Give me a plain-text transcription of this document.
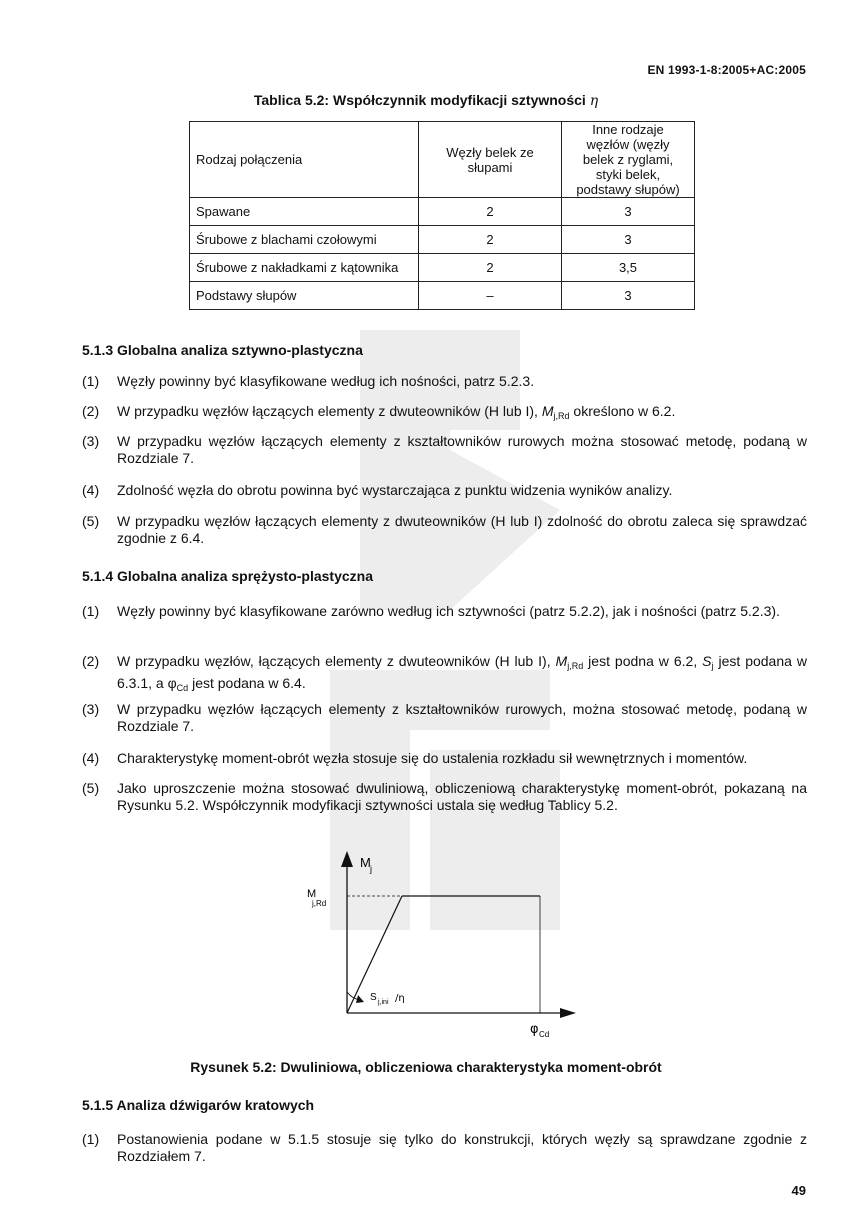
EN 1993-1-8:2005+AC:2005
Tablica 5.2: Współczynnik modyfikacji sztywności η
Rodzaj połączenia	Węzły belek ze słupami	Inne rodzaje węzłów (węzły belek z ryglami, styki belek, podstawy słupów)
Spawane	2	3
Śrubowe z blachami czołowymi	2	3
Śrubowe z nakładkami z kątownika	2	3,5
Podstawy słupów	–	3
5.1.3 Globalna analiza sztywno-plastyczna
(1) Węzły powinny być klasyfikowane według ich nośności, patrz 5.2.3.
(2) W przypadku węzłów łączących elementy z dwuteowników (H lub I), $M_{j,Rd}$ określono w 6.2.
(3) W przypadku węzłów łączących elementy z kształtowników rurowych można stosować metodę, podaną w Rozdziale 7.
(4) Zdolność węzła do obrotu powinna być wystarczająca z punktu widzenia wyników analizy.
(5) W przypadku węzłów łączących elementy z dwuteowników (H lub I) zdolność do obrotu zaleca się sprawdzać zgodnie z 6.4.
5.1.4 Globalna analiza sprężysto-plastyczna
(1) Węzły powinny być klasyfikowane zarówno według ich sztywności (patrz 5.2.2), jak i nośności (patrz 5.2.3).
(2) W przypadku węzłów, łączących elementy z dwuteowników (H lub I), $M_{j,Rd}$ jest podna w 6.2, $S_j$ jest podana w 6.3.1, a $\varphi_{Cd}$ jest podana w 6.4.
(3) W przypadku węzłów łączących elementy z kształtowników rurowych, można stosować metodę, podaną w Rozdziale 7.
(4) Charakterystykę moment-obrót węzła stosuje się do ustalenia rozkładu sił wewnętrznych i momentów.
(5) Jako uproszczenie można stosować dwuliniową, obliczeniową charakterystykę moment-obrót, pokazaną na Rysunku 5.2. Współczynnik modyfikacji sztywności ustala się według Tablicy 5.2.
M j
M
j,Rd
S j,ini /η
φ Cd
Rysunek 5.2: Dwuliniowa, obliczeniowa charakterystyka moment-obrót
5.1.5 Analiza dźwigarów kratowych
(1) Postanowienia podane w 5.1.5 stosuje się tylko do konstrukcji, których węzły są sprawdzane zgodnie z Rozdziałem 7.
49
